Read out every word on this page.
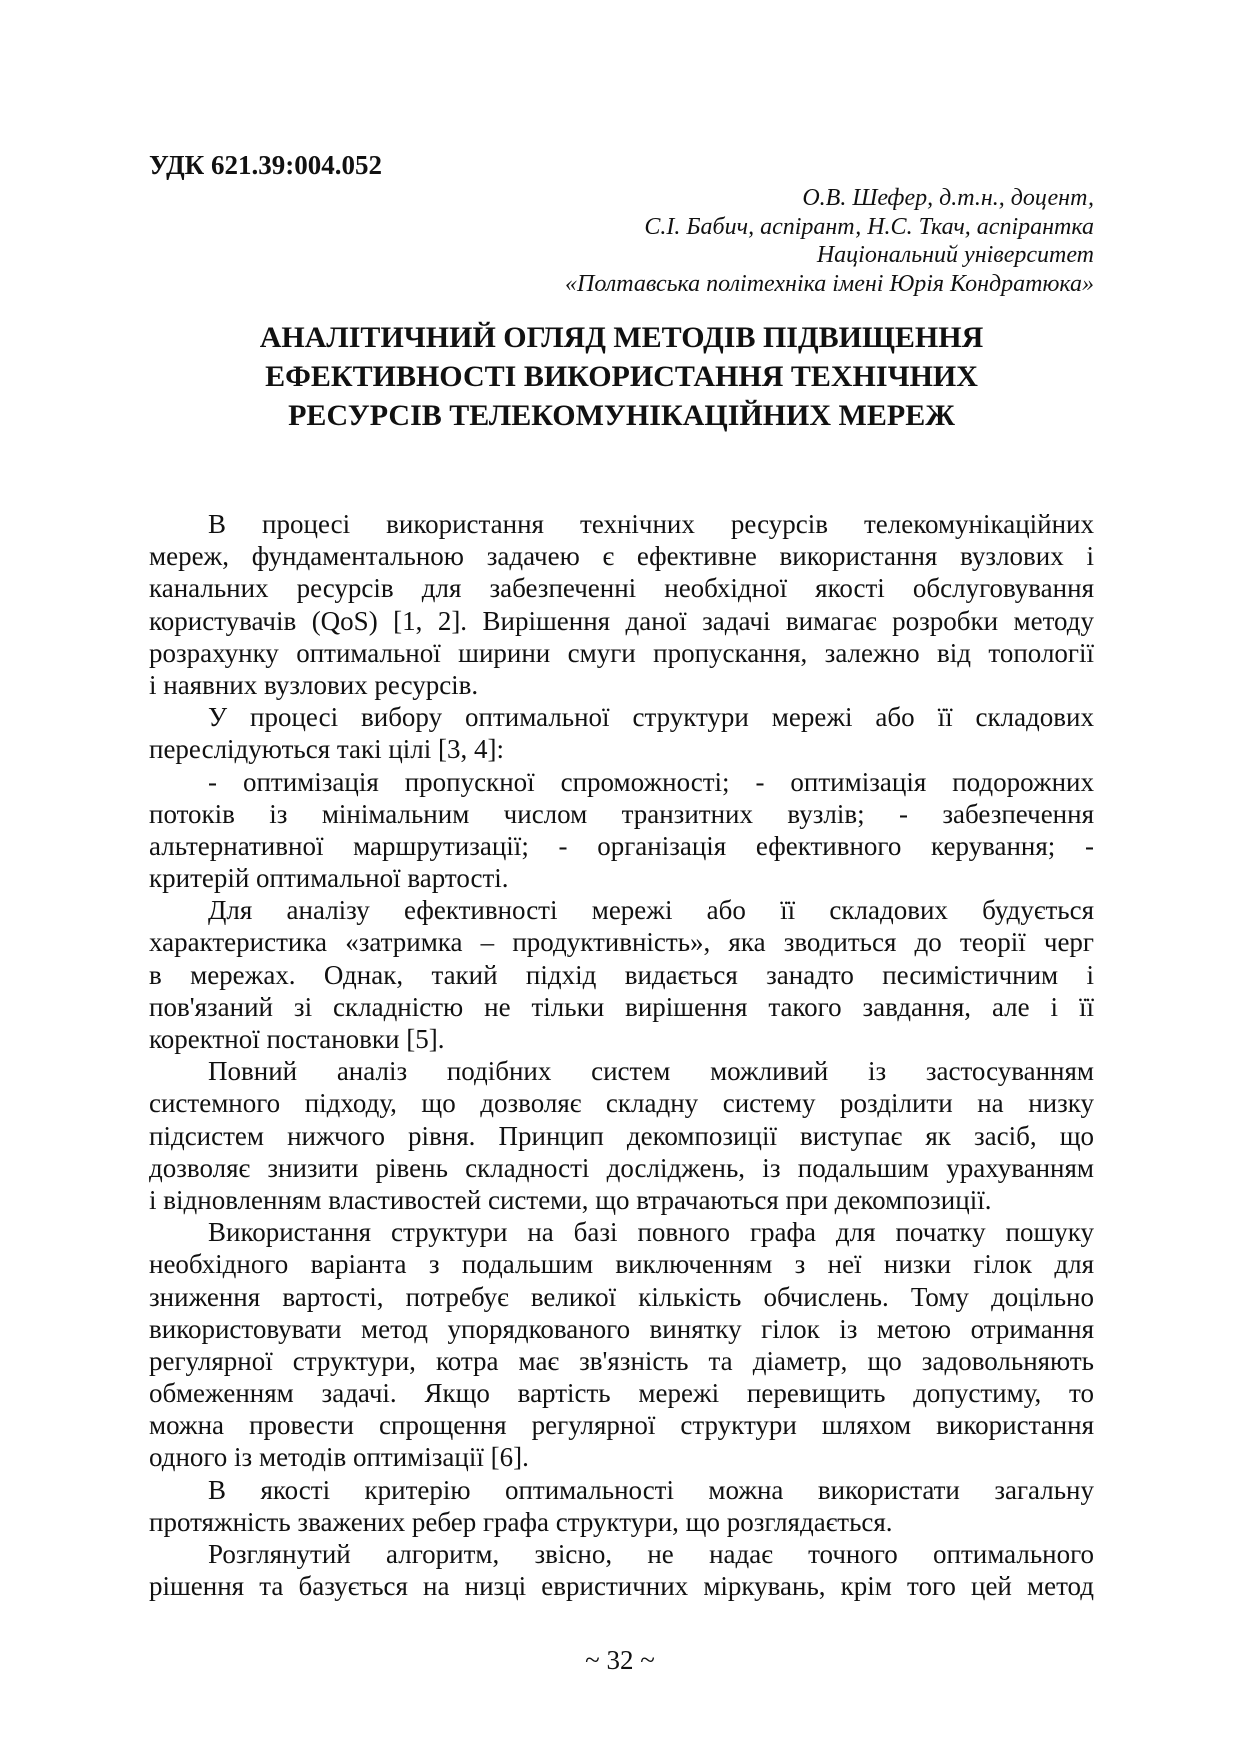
УДК 621.39:004.052
О.В. Шефер, д.т.н., доцент,
С.І. Бабич, аспірант, Н.С. Ткач, аспірантка
Національний університет
«Полтавська політехніка імені Юрія Кондратюка»
АНАЛІТИЧНИЙ ОГЛЯД МЕТОДІВ ПІДВИЩЕННЯ
ЕФЕКТИВНОСТІ ВИКОРИСТАННЯ ТЕХНІЧНИХ
РЕСУРСІВ ТЕЛЕКОМУНІКАЦІЙНИХ МЕРЕЖ
В процесі використання технічних ресурсів телекомунікаційних
мереж, фундаментальною задачею є ефективне використання вузлових і
канальних ресурсів для забезпеченні необхідної якості обслуговування
користувачів (QoS) [1, 2]. Вирішення даної задачі вимагає розробки методу
розрахунку оптимальної ширини смуги пропускання, залежно від топології
і наявних вузлових ресурсів.
У процесі вибору оптимальної структури мережі або її складових
переслідуються такі цілі [3, 4]:
- оптимізація пропускної спроможності; - оптимізація подорожних
потоків із мінімальним числом транзитних вузлів; - забезпечення
альтернативної маршрутизації; - організація ефективного керування; -
критерій оптимальної вартості.
Для аналізу ефективності мережі або її складових будується
характеристика «затримка – продуктивність», яка зводиться до теорії черг
в мережах. Однак, такий підхід видається занадто песимістичним і
пов'язаний зі складністю не тільки вирішення такого завдання, але і її
коректної постановки [5].
Повний аналіз подібних систем можливий із застосуванням
системного підходу, що дозволяє складну систему розділити на низку
підсистем нижчого рівня. Принцип декомпозиції виступає як засіб, що
дозволяє знизити рівень складності досліджень, із подальшим урахуванням
і відновленням властивостей системи, що втрачаються при декомпозиції.
Використання структури на базі повного графа для початку пошуку
необхідного варіанта з подальшим виключенням з неї низки гілок для
зниження вартості, потребує великої кількість обчислень. Тому доцільно
використовувати метод упорядкованого винятку гілок із метою отримання
регулярної структури, котра має зв'язність та діаметр, що задовольняють
обмеженням задачі. Якщо вартість мережі перевищить допустиму, то
можна провести спрощення регулярної структури шляхом використання
одного із методів оптимізації [6].
В якості критерію оптимальності можна використати загальну
протяжність зважених ребер графа структури, що розглядається.
Розглянутий алгоритм, звісно, не надає точного оптимального
рішення та базується на низці евристичних міркувань, крім того цей метод
~ 32 ~
